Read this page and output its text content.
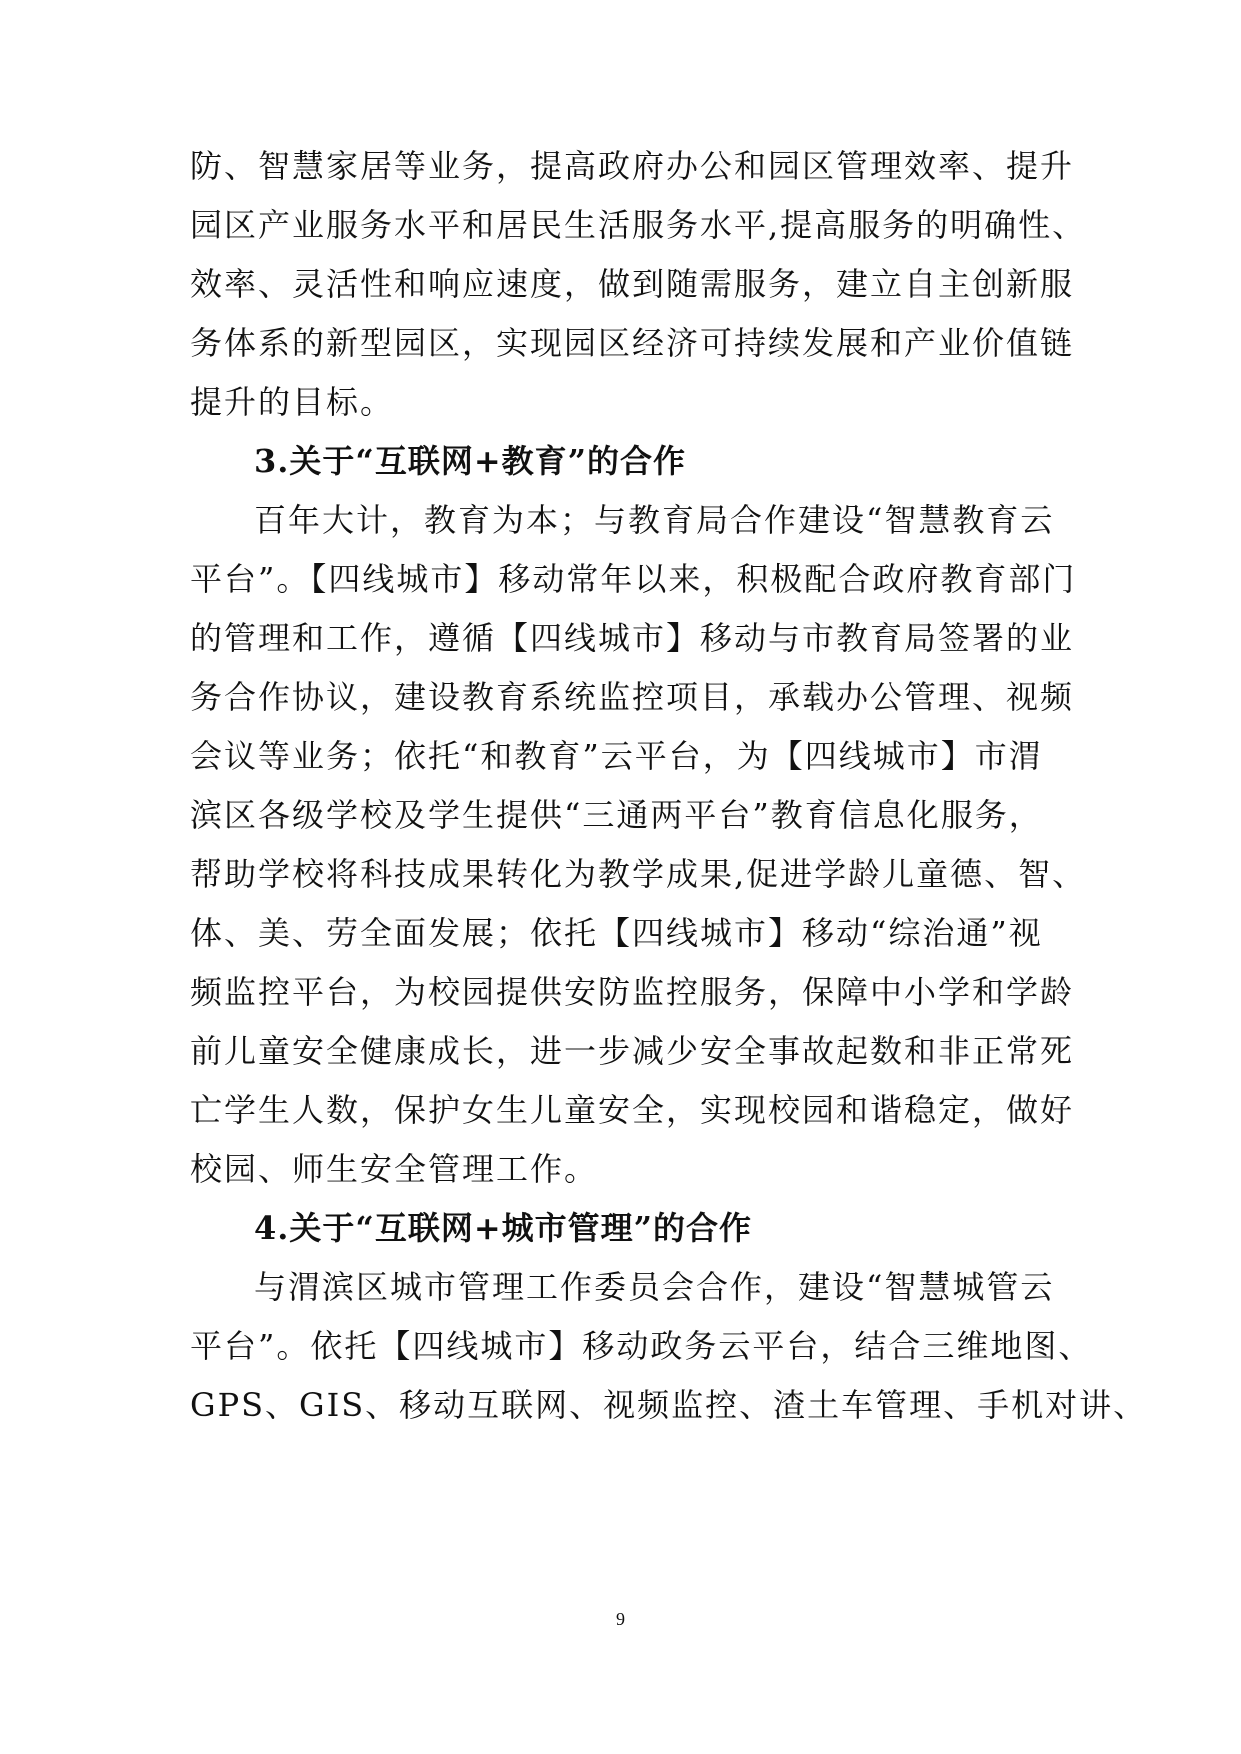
防、智慧家居等业务，提高政府办公和园区管理效率、提升
园区产业服务水平和居民生活服务水平,提高服务的明确性、
效率、灵活性和响应速度，做到随需服务，建立自主创新服
务体系的新型园区，实现园区经济可持续发展和产业价值链
提升的目标。
3.关于“互联网+教育”的合作
百年大计，教育为本；与教育局合作建设“智慧教育云
平台”。【四线城市】移动常年以来，积极配合政府教育部门
的管理和工作，遵循【四线城市】移动与市教育局签署的业
务合作协议，建设教育系统监控项目，承载办公管理、视频
会议等业务；依托“和教育”云平台，为【四线城市】市渭
滨区各级学校及学生提供“三通两平台”教育信息化服务，
帮助学校将科技成果转化为教学成果,促进学龄儿童德、智、
体、美、劳全面发展；依托【四线城市】移动“综治通”视
频监控平台，为校园提供安防监控服务，保障中小学和学龄
前儿童安全健康成长，进一步减少安全事故起数和非正常死
亡学生人数，保护女生儿童安全，实现校园和谐稳定，做好
校园、师生安全管理工作。
4.关于“互联网+城市管理”的合作
与渭滨区城市管理工作委员会合作，建设“智慧城管云
平台”。依托【四线城市】移动政务云平台，结合三维地图、
GPS、GIS、移动互联网、视频监控、渣土车管理、手机对讲、
9
